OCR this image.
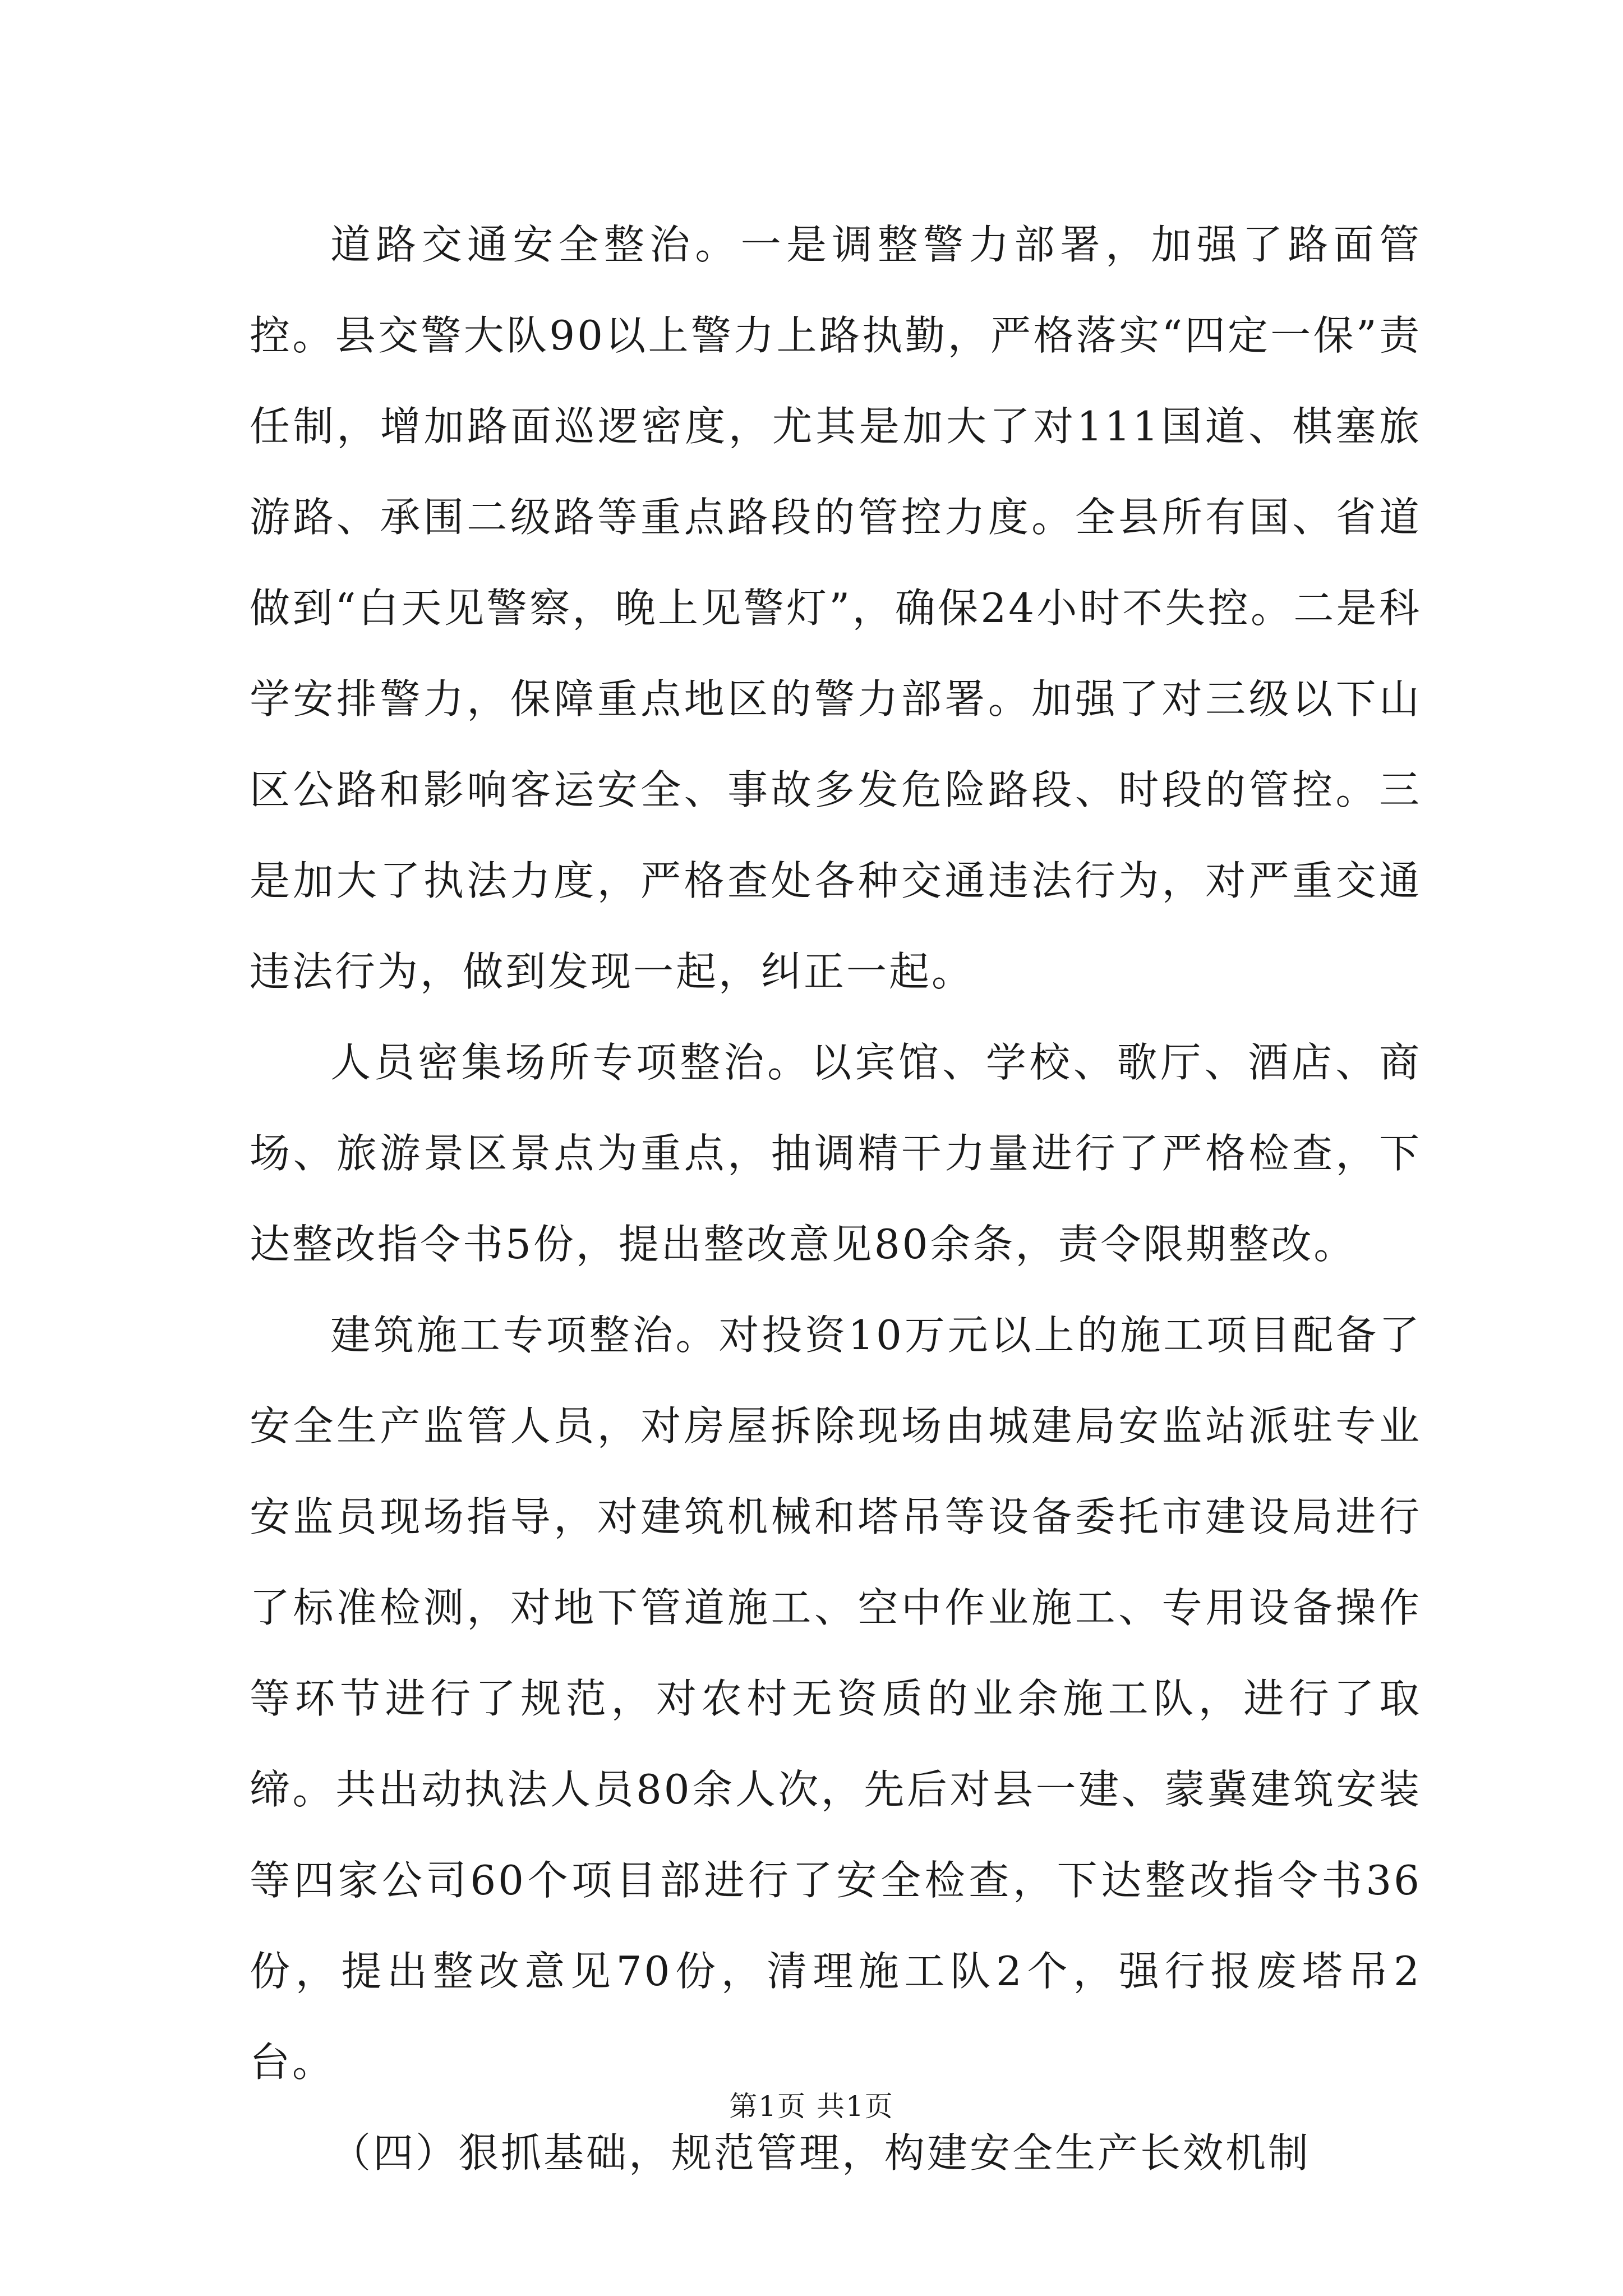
道路交通安全整治。一是调整警力部署，加强了路面管控。县交警大队90以上警力上路执勤，严格落实“四定一保”责任制，增加路面巡逻密度，尤其是加大了对111国道、棋塞旅游路、承围二级路等重点路段的管控力度。全县所有国、省道做到“白天见警察，晚上见警灯”，确保24小时不失控。二是科学安排警力，保障重点地区的警力部署。加强了对三级以下山区公路和影响客运安全、事故多发危险路段、时段的管控。三是加大了执法力度，严格查处各种交通违法行为，对严重交通违法行为，做到发现一起，纠正一起。

人员密集场所专项整治。以宾馆、学校、歌厅、酒店、商场、旅游景区景点为重点，抽调精干力量进行了严格检查，下达整改指令书5份，提出整改意见80余条，责令限期整改。

建筑施工专项整治。对投资10万元以上的施工项目配备了安全生产监管人员，对房屋拆除现场由城建局安监站派驻专业安监员现场指导，对建筑机械和塔吊等设备委托市建设局进行了标准检测，对地下管道施工、空中作业施工、专用设备操作等环节进行了规范，对农村无资质的业余施工队，进行了取缔。共出动执法人员80余人次，先后对县一建、蒙冀建筑安装等四家公司60个项目部进行了安全检查，下达整改指令书36份，提出整改意见70份，清理施工队2个，强行报废塔吊2台。

（四）狠抓基础，规范管理，构建安全生产长效机制

第1页 共1页
